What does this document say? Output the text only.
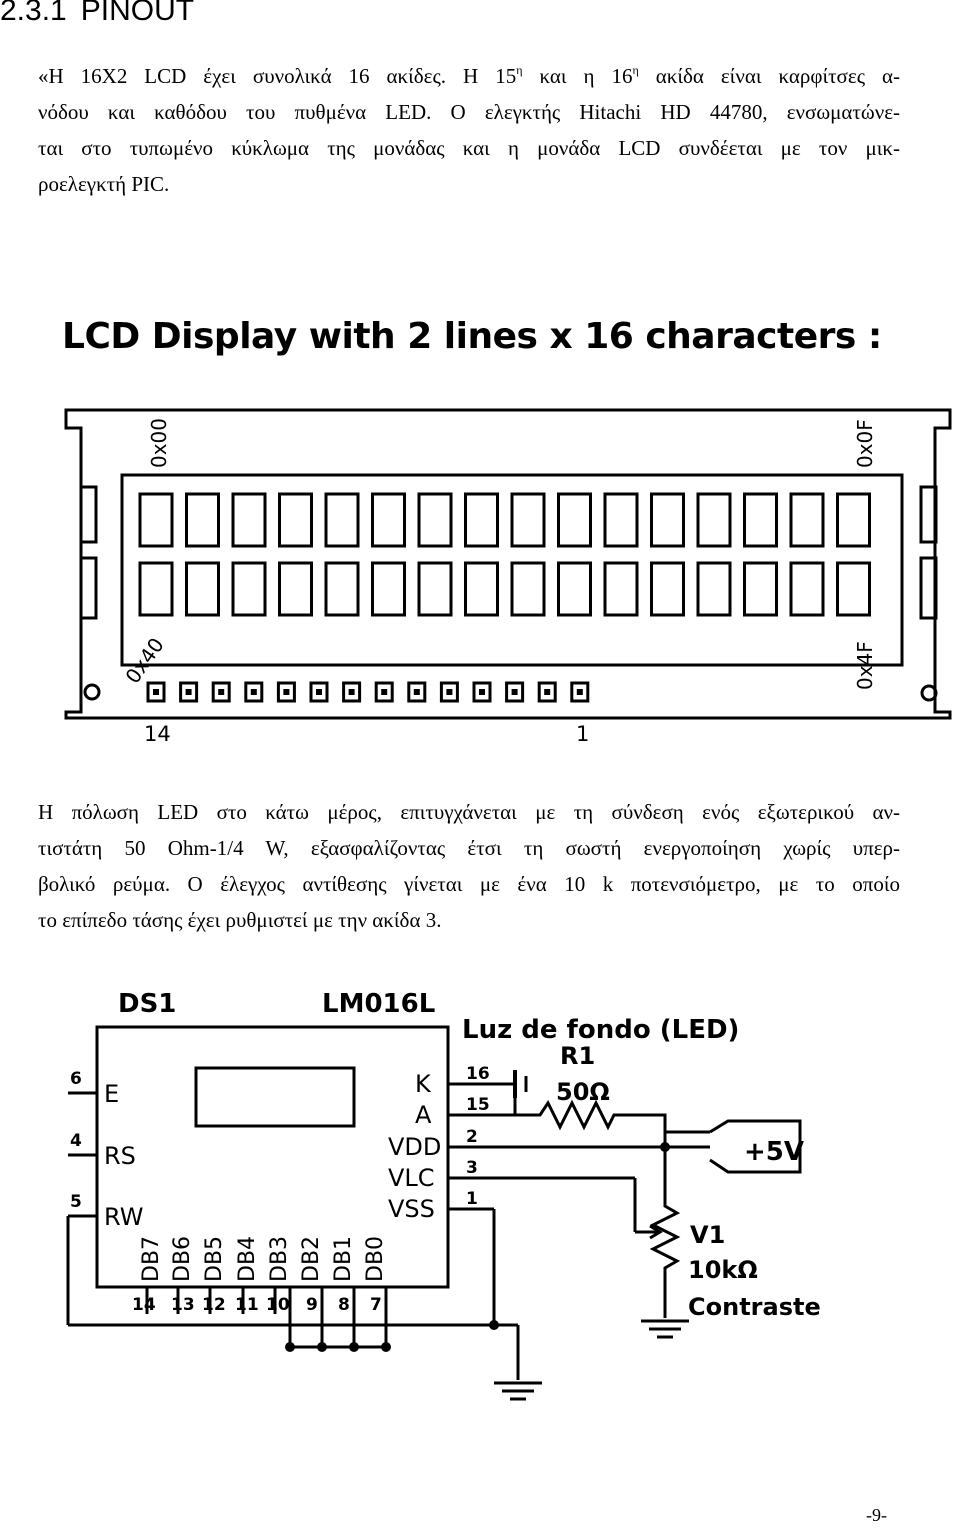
2.3.1 PINOUT
«H 16X2 LCD έχει συνολικά 16 ακίδες. H $15^\eta$ και η $16^\eta$ ακίδα είναι καρφίτσες α-
νόδου και καθόδου του πυθμένα LED. Ο ελεγκτής Hitachi HD 44780, ενσωματώνε-
ται στο τυπωμένο κύκλωμα της μονάδας και η μονάδα LCD συνδέεται με τον μικ-
ροελεγκτή PIC.
LCD Display with 2 lines x 16 characters :
0x00	0x0F
0x40	0x4F
14	1
Η πόλωση LED στο κάτω μέρος, επιτυγχάνεται με τη σύνδεση ενός εξωτερικού αν-
τιστάτη 50 Ohm-1/4 W, εξασφαλίζοντας έτσι τη σωστή ενεργοποίηση χωρίς υπερ-
βολικό ρεύμα. Ο έλεγχος αντίθεσης γίνεται με ένα 10 k ποτενσιόμετρο, με το οποίο
το επίπεδο τάσης έχει ρυθμιστεί με την ακίδα 3.
DS1	LM016L
Luz de fondo (LED)
R1
50Ω
+5V
V1
10kΩ
Contraste
E
6
RS
4
RW
5
K 16
A 15
VDD 2
VLC 3
VSS 1
DB7 DB6 DB5 DB4 DB3 DB2 DB1 DB0
14 13 12 11 10 9 8 7
-9-
